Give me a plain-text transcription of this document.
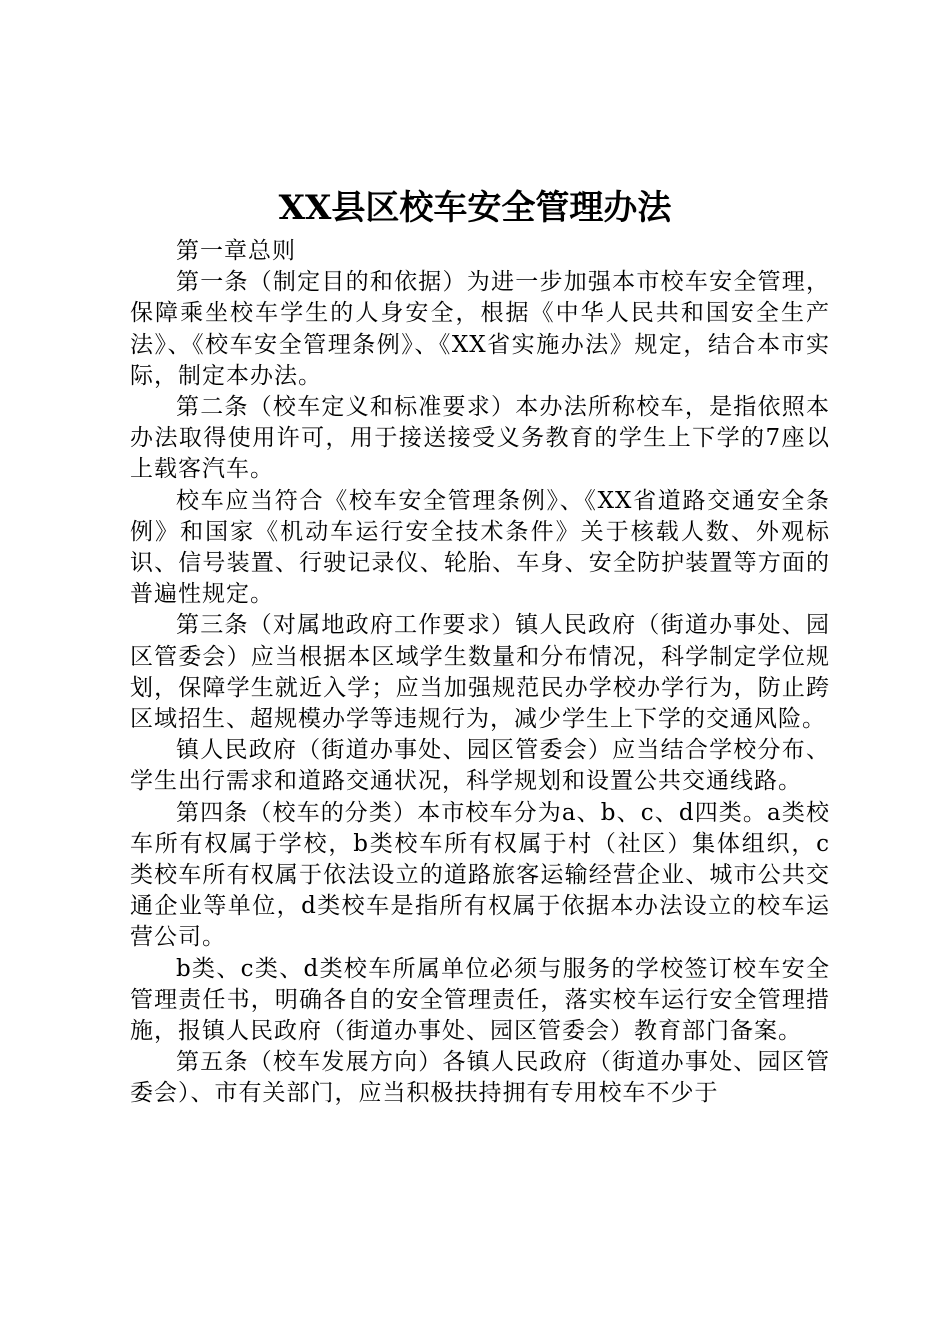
XX县区校车安全管理办法

第一章总则

第一条（制定目的和依据）为进一步加强本市校车安全管理，保障乘坐校车学生的人身安全，根据《中华人民共和国安全生产法》、《校车安全管理条例》、《XX省实施办法》规定，结合本市实际，制定本办法。

第二条（校车定义和标准要求）本办法所称校车，是指依照本办法取得使用许可，用于接送接受义务教育的学生上下学的7座以上载客汽车。

校车应当符合《校车安全管理条例》、《XX省道路交通安全条例》和国家《机动车运行安全技术条件》关于核载人数、外观标识、信号装置、行驶记录仪、轮胎、车身、安全防护装置等方面的普遍性规定。

第三条（对属地政府工作要求）镇人民政府（街道办事处、园区管委会）应当根据本区域学生数量和分布情况，科学制定学位规划，保障学生就近入学；应当加强规范民办学校办学行为，防止跨区域招生、超规模办学等违规行为，减少学生上下学的交通风险。

镇人民政府（街道办事处、园区管委会）应当结合学校分布、学生出行需求和道路交通状况，科学规划和设置公共交通线路。

第四条（校车的分类）本市校车分为a、b、c、d四类。a类校车所有权属于学校，b类校车所有权属于村（社区）集体组织，c类校车所有权属于依法设立的道路旅客运输经营企业、城市公共交通企业等单位，d类校车是指所有权属于依据本办法设立的校车运营公司。

b类、c类、d类校车所属单位必须与服务的学校签订校车安全管理责任书，明确各自的安全管理责任，落实校车运行安全管理措施，报镇人民政府（街道办事处、园区管委会）教育部门备案。

第五条（校车发展方向）各镇人民政府（街道办事处、园区管委会）、市有关部门，应当积极扶持拥有专用校车不少于
